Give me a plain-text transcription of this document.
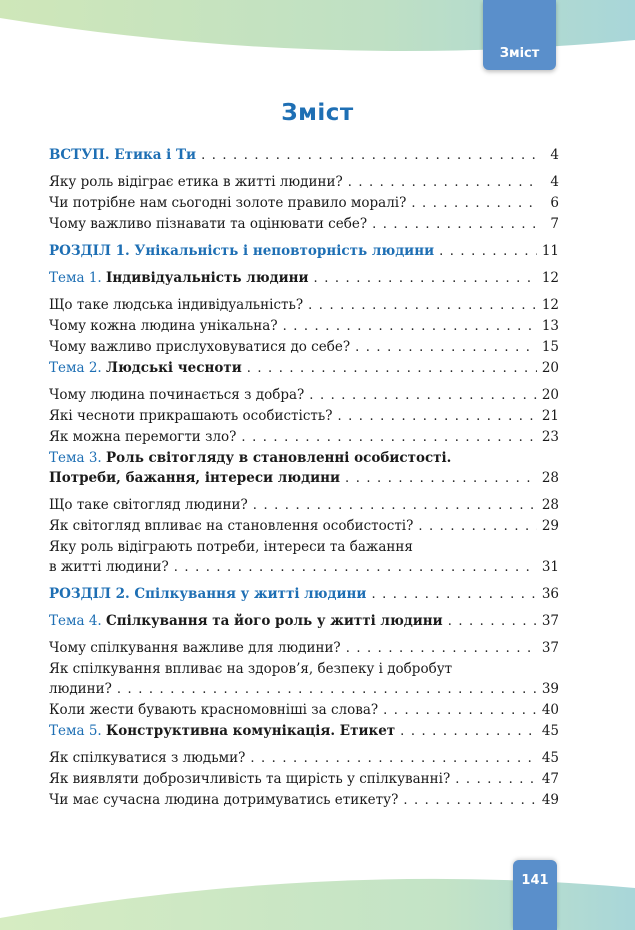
Зміст
141
Зміст
ВСТУП. Етика і Ти . . .	4
Яку роль відіграє етика в житті людини? . . .	4
Чи потрібне нам сьогодні золоте правило моралі? . . .	6
Чому важливо пізнавати та оцінювати себе? . . .	7
РОЗДІЛ 1. Унікальність і неповторність людини . . .	11
Тема 1. Індивідуальність людини . . .	12
Що таке людська індивідуальність? . . .	12
Чому кожна людина унікальна? . . .	13
Чому важливо прислуховуватися до себе? . . .	15
Тема 2. Людські чесноти . . .	20
Чому людина починається з добра? . . .	20
Які чесноти прикрашають особистість? . . .	21
Як можна перемогти зло? . . .	23
Тема 3. Роль світогляду в становленні особистості.
Потреби, бажання, інтереси людини . . .	28
Що таке світогляд людини? . . .	28
Як світогляд впливає на становлення особистості? . . .	29
Яку роль відіграють потреби, інтереси та бажання
в житті людини? . . .	31
РОЗДІЛ 2. Спілкування у житті людини . . .	36
Тема 4. Спілкування та його роль у житті людини . . .	37
Чому спілкування важливе для людини? . . .	37
Як спілкування впливає на здоров’я, безпеку і добробут
людини? . . .	39
Коли жести бувають красномовніші за слова? . . .	40
Тема 5. Конструктивна комунікація. Етикет . . .	45
Як спілкуватися з людьми? . . .	45
Як виявляти доброзичливість та щирість у спілкуванні? . . .	47
Чи має сучасна людина дотримуватись етикету? . . .	49
